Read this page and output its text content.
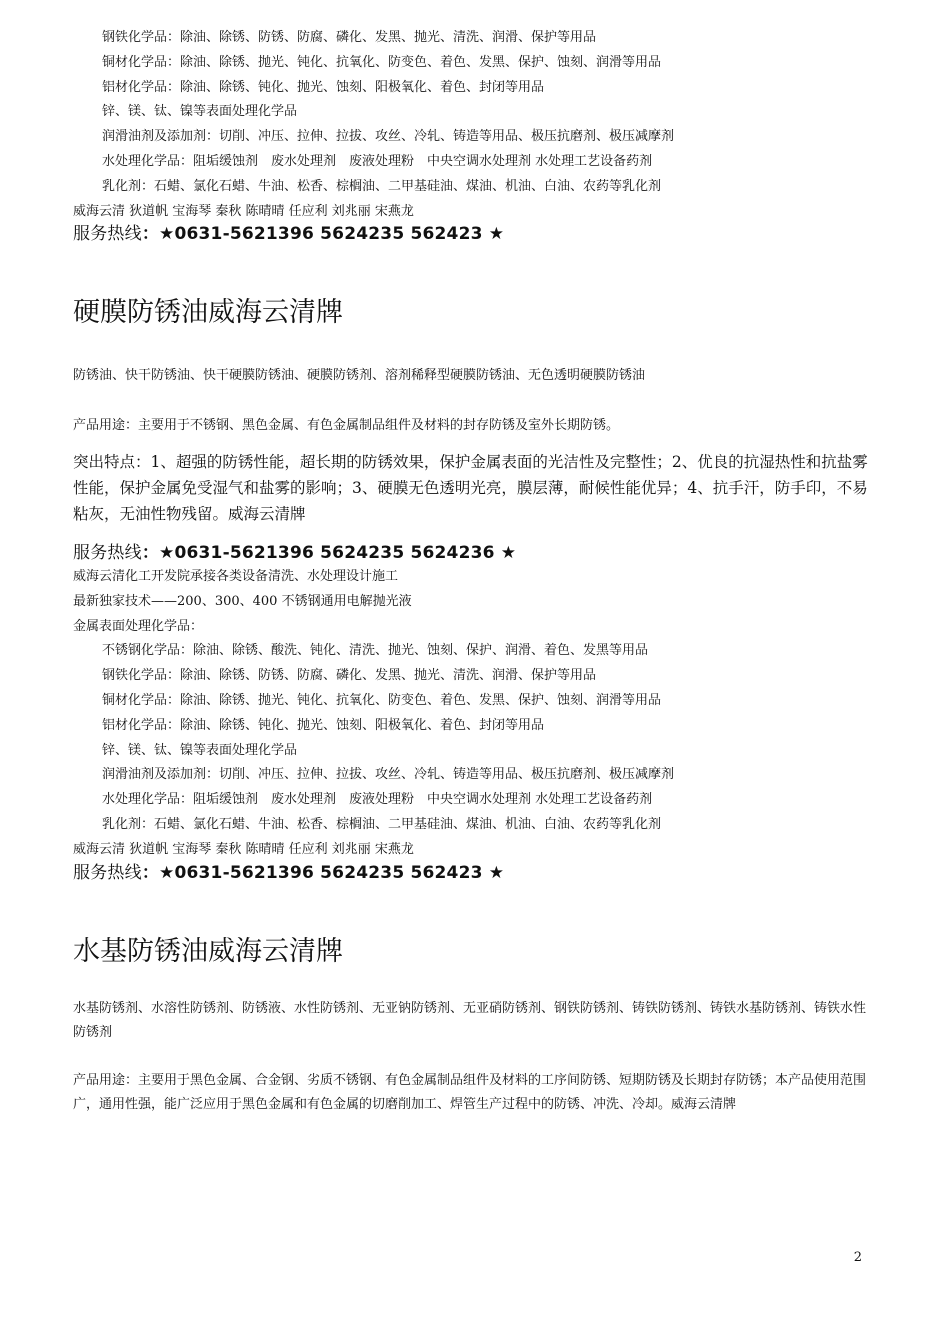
钢铁化学品：除油、除锈、防锈、防腐、磷化、发黑、抛光、清洗、润滑、保护等用品
铜材化学品：除油、除锈、抛光、钝化、抗氧化、防变色、着色、发黑、保护、蚀刻、润滑等用品
铝材化学品：除油、除锈、钝化、抛光、蚀刻、阳极氧化、着色、封闭等用品
锌、镁、钛、镍等表面处理化学品
润滑油剂及添加剂：切削、冲压、拉伸、拉拔、攻丝、冷轧、铸造等用品、极压抗磨剂、极压减摩剂
水处理化学品：阻垢缓蚀剂　废水处理剂　废液处理粉　中央空调水处理剂 水处理工艺设备药剂
乳化剂：石蜡、氯化石蜡、牛油、松香、棕榈油、二甲基硅油、煤油、机油、白油、农药等乳化剂
威海云清 狄道帆 宝海琴 秦秋 陈晴晴 任应利 刘兆丽 宋燕龙
服务热线：★0631-5621396 5624235 562423 ★
硬膜防锈油威海云清牌
防锈油、快干防锈油、快干硬膜防锈油、硬膜防锈剂、溶剂稀释型硬膜防锈油、无色透明硬膜防锈油
产品用途：主要用于不锈钢、黑色金属、有色金属制品组件及材料的封存防锈及室外长期防锈。
突出特点：1、超强的防锈性能，超长期的防锈效果，保护金属表面的光洁性及完整性；2、优良的抗湿热性和抗盐雾性能，保护金属免受湿气和盐雾的影响；3、硬膜无色透明光亮，膜层薄，耐候性能优异；4、抗手汗，防手印，不易粘灰，无油性物残留。威海云清牌
服务热线：★0631-5621396 5624235 5624236 ★
威海云清化工开发院承接各类设备清洗、水处理设计施工
最新独家技术——200、300、400 不锈钢通用电解抛光液
金属表面处理化学品：
不锈钢化学品：除油、除锈、酸洗、钝化、清洗、抛光、蚀刻、保护、润滑、着色、发黑等用品
钢铁化学品：除油、除锈、防锈、防腐、磷化、发黑、抛光、清洗、润滑、保护等用品
铜材化学品：除油、除锈、抛光、钝化、抗氧化、防变色、着色、发黑、保护、蚀刻、润滑等用品
铝材化学品：除油、除锈、钝化、抛光、蚀刻、阳极氧化、着色、封闭等用品
锌、镁、钛、镍等表面处理化学品
润滑油剂及添加剂：切削、冲压、拉伸、拉拔、攻丝、冷轧、铸造等用品、极压抗磨剂、极压减摩剂
水处理化学品：阻垢缓蚀剂　废水处理剂　废液处理粉　中央空调水处理剂 水处理工艺设备药剂
乳化剂：石蜡、氯化石蜡、牛油、松香、棕榈油、二甲基硅油、煤油、机油、白油、农药等乳化剂
威海云清 狄道帆 宝海琴 秦秋 陈晴晴 任应利 刘兆丽 宋燕龙
服务热线：★0631-5621396 5624235 562423 ★
水基防锈油威海云清牌
水基防锈剂、水溶性防锈剂、防锈液、水性防锈剂、无亚钠防锈剂、无亚硝防锈剂、钢铁防锈剂、铸铁防锈剂、铸铁水基防锈剂、铸铁水性防锈剂
产品用途：主要用于黑色金属、合金钢、劣质不锈钢、有色金属制品组件及材料的工序间防锈、短期防锈及长期封存防锈；本产品使用范围广，通用性强，能广泛应用于黑色金属和有色金属的切磨削加工、焊管生产过程中的防锈、冲洗、冷却。威海云清牌
2
